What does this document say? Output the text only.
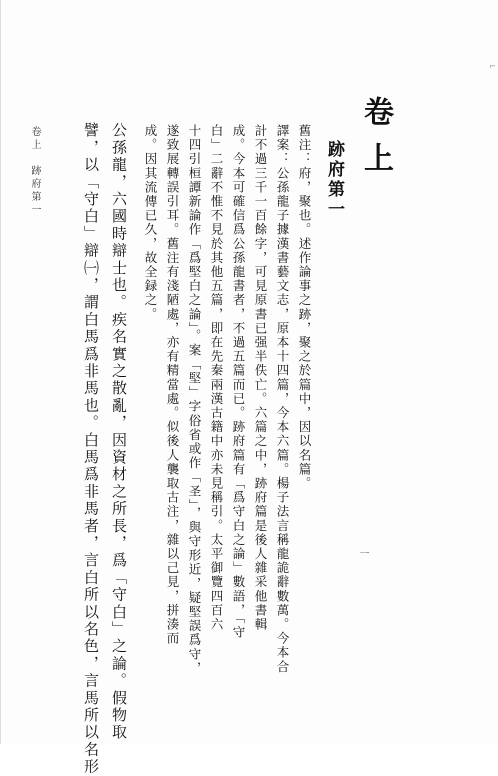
⌐
卷上
跡府第一
舊注：府，聚也。述作論事之跡，聚之於篇中，因以名篇。
譯案：公孫龍子據漢書藝文志，原本十四篇，今本六篇。楊子法言稱龍詭辭數萬。今本合
計不過三千一百餘字，可見原書已强半佚亡。六篇之中，跡府篇是後人雜采他書輯
成。今本可確信爲公孫龍書者，不過五篇而已。跡府篇有「爲守白之論」數語，「守
白」二辭不惟不見於其他五篇，即在先秦兩漢古籍中亦未見稱引。太平御覽四百六
十四引桓譚新論作「爲堅白之論」。案「堅」字俗省或作「圣」，與守形近，疑堅誤爲守，
遂致展轉誤引耳。舊注有淺陋處，亦有精當處。似後人襲取古注，雜以己見，拼湊而
成。因其流傳已久，故全録之。
公孫龍，六國時辯士也。疾名實之散亂，因資材之所長，爲「守白」之論。假物取
譬，以「守白」辯㈠，謂白馬爲非馬也。白馬爲非馬者，言白所以名色，言馬所以名形
卷上　跡府第一
一
